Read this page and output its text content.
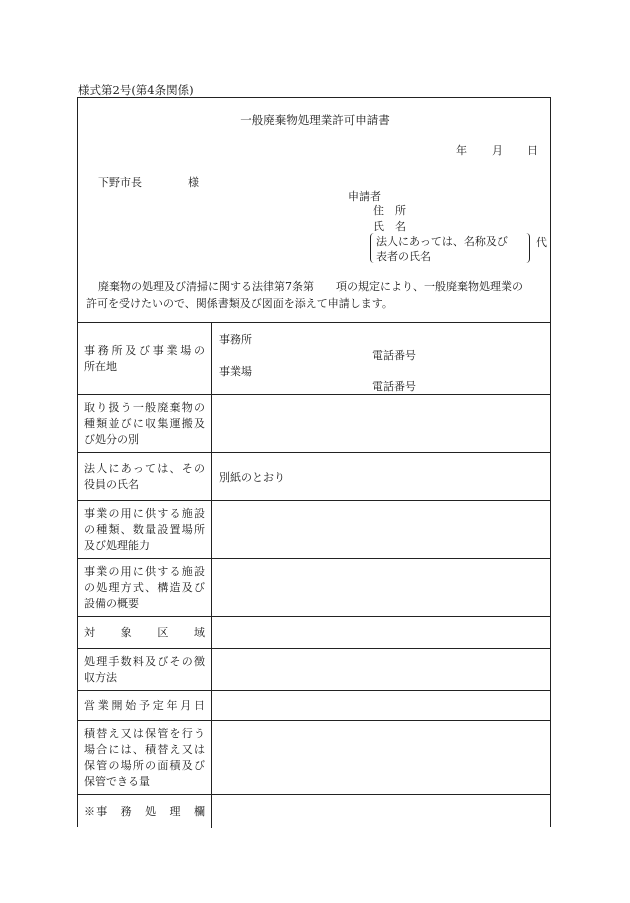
様式第2号(第4条関係)
一般廃棄物処理業許可申請書
年 月 日
下野市長	様
申請者
住　所
氏　名
法人にあっては、名称及び
表者の氏名
代
廃棄物の処理及び清掃に関する法律第7条第　　項の規定により、一般廃棄物処理業の
許可を受けたいので、関係書類及び図面を添えて申請します。
事務所及び事業場の
所在地
事務所
電話番号
事業場
電話番号
取り扱う一般廃棄物の
種類並びに収集運搬及
び処分の別
法人にあっては、その
役員の氏名	別紙のとおり
事業の用に供する施設
の種類、数量設置場所
及び処理能力
事業の用に供する施設
の処理方式、構造及び
設備の概要
対　象　区　域
処理手数料及びその徴
収方法
営業開始予定年月日
積替え又は保管を行う
場合には、積替え又は
保管の場所の面積及び
保管できる量
※事　務　処　理　欄
